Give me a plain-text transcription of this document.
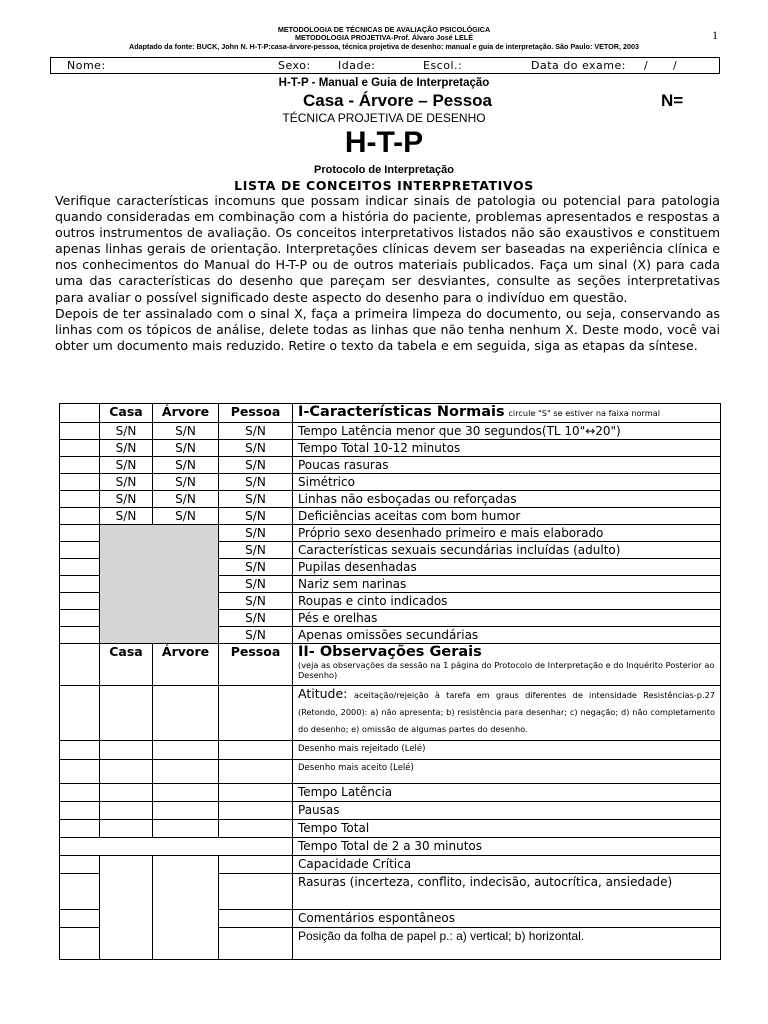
METODOLOGIA DE TÉCNICAS DE AVALIAÇÃO PSICOLÓGICA
METODOLOGIA PROJETIVA-Prof. Álvaro José LELÉ
Adaptado da fonte: BUCK, John N. H-T-P:casa-árvore-pessoa, técnica projetiva de desenho: manual e guia de interpretação. São Paulo: VETOR, 2003
1
Nome:	Sexo: Idade:	Escol.:	Data do exame: / /
H-T-P - Manual e Guia de Interpretação
Casa - Árvore – Pessoa	N=
TÉCNICA PROJETIVA DE DESENHO
H-T-P
Protocolo de Interpretação
LISTA DE CONCEITOS INTERPRETATIVOS

Verifique características incomuns que possam indicar sinais de patologia ou potencial para patologia quando consideradas em combinação com a história do paciente, problemas apresentados e respostas a outros instrumentos de avaliação. Os conceitos interpretativos listados não são exaustivos e constituem apenas linhas gerais de orientação. Interpretações clínicas devem ser baseadas na experiência clínica e nos conhecimentos do Manual do H-T-P ou de outros materiais publicados. Faça um sinal (X) para cada uma das características do desenho que pareçam ser desviantes, consulte as seções interpretativas para avaliar o possível significado deste aspecto do desenho para o indivíduo em questão.

Depois de ter assinalado com o sinal X, faça a primeira limpeza do documento, ou seja, conservando as linhas com os tópicos de análise, delete todas as linhas que não tenha nenhum X. Deste modo, você vai obter um documento mais reduzido. Retire o texto da tabela e em seguida, siga as etapas da síntese.

	Casa	Árvore	Pessoa	I-Características Normais circule "S" se estiver na faixa normal
	S/N	S/N	S/N	Tempo Latência menor que 30 segundos(TL 10"↔20")
	S/N	S/N	S/N	Tempo Total 10-12 minutos
	S/N	S/N	S/N	Poucas rasuras
	S/N	S/N	S/N	Simétrico
	S/N	S/N	S/N	Linhas não esboçadas ou reforçadas
	S/N	S/N	S/N	Deficiências aceitas com bom humor
			S/N	Próprio sexo desenhado primeiro e mais elaborado
			S/N	Características sexuais secundárias incluídas (adulto)
			S/N	Pupilas desenhadas
			S/N	Nariz sem narinas
			S/N	Roupas e cinto indicados
			S/N	Pés e orelhas
			S/N	Apenas omissões secundárias
	Casa	Árvore	Pessoa	II- Observações Gerais
(veja as observações da sessão na 1 página do Protocolo de Interpretação e do Inquérito Posterior ao Desenho)

				Atitude: aceitação/rejeição à tarefa em graus diferentes de intensidade Resistências-p.27 (Retondo, 2000): a) não apresenta; b) resistência para desenhar; c) negação; d) não completamento do desenho; e) omissão de algumas partes do desenho.
				Desenho mais rejeitado (Lelé)
				Desenho mais aceito (Lelé)
				Tempo Latência
				Pausas
				Tempo Total
				Tempo Total de 2 a 30 minutos
				Capacidade Crítica
				Rasuras (incerteza, conflito, indecisão, autocrítica, ansiedade)
				Comentários espontâneos
				Posição da folha de papel p.: a) vertical; b) horizontal.
